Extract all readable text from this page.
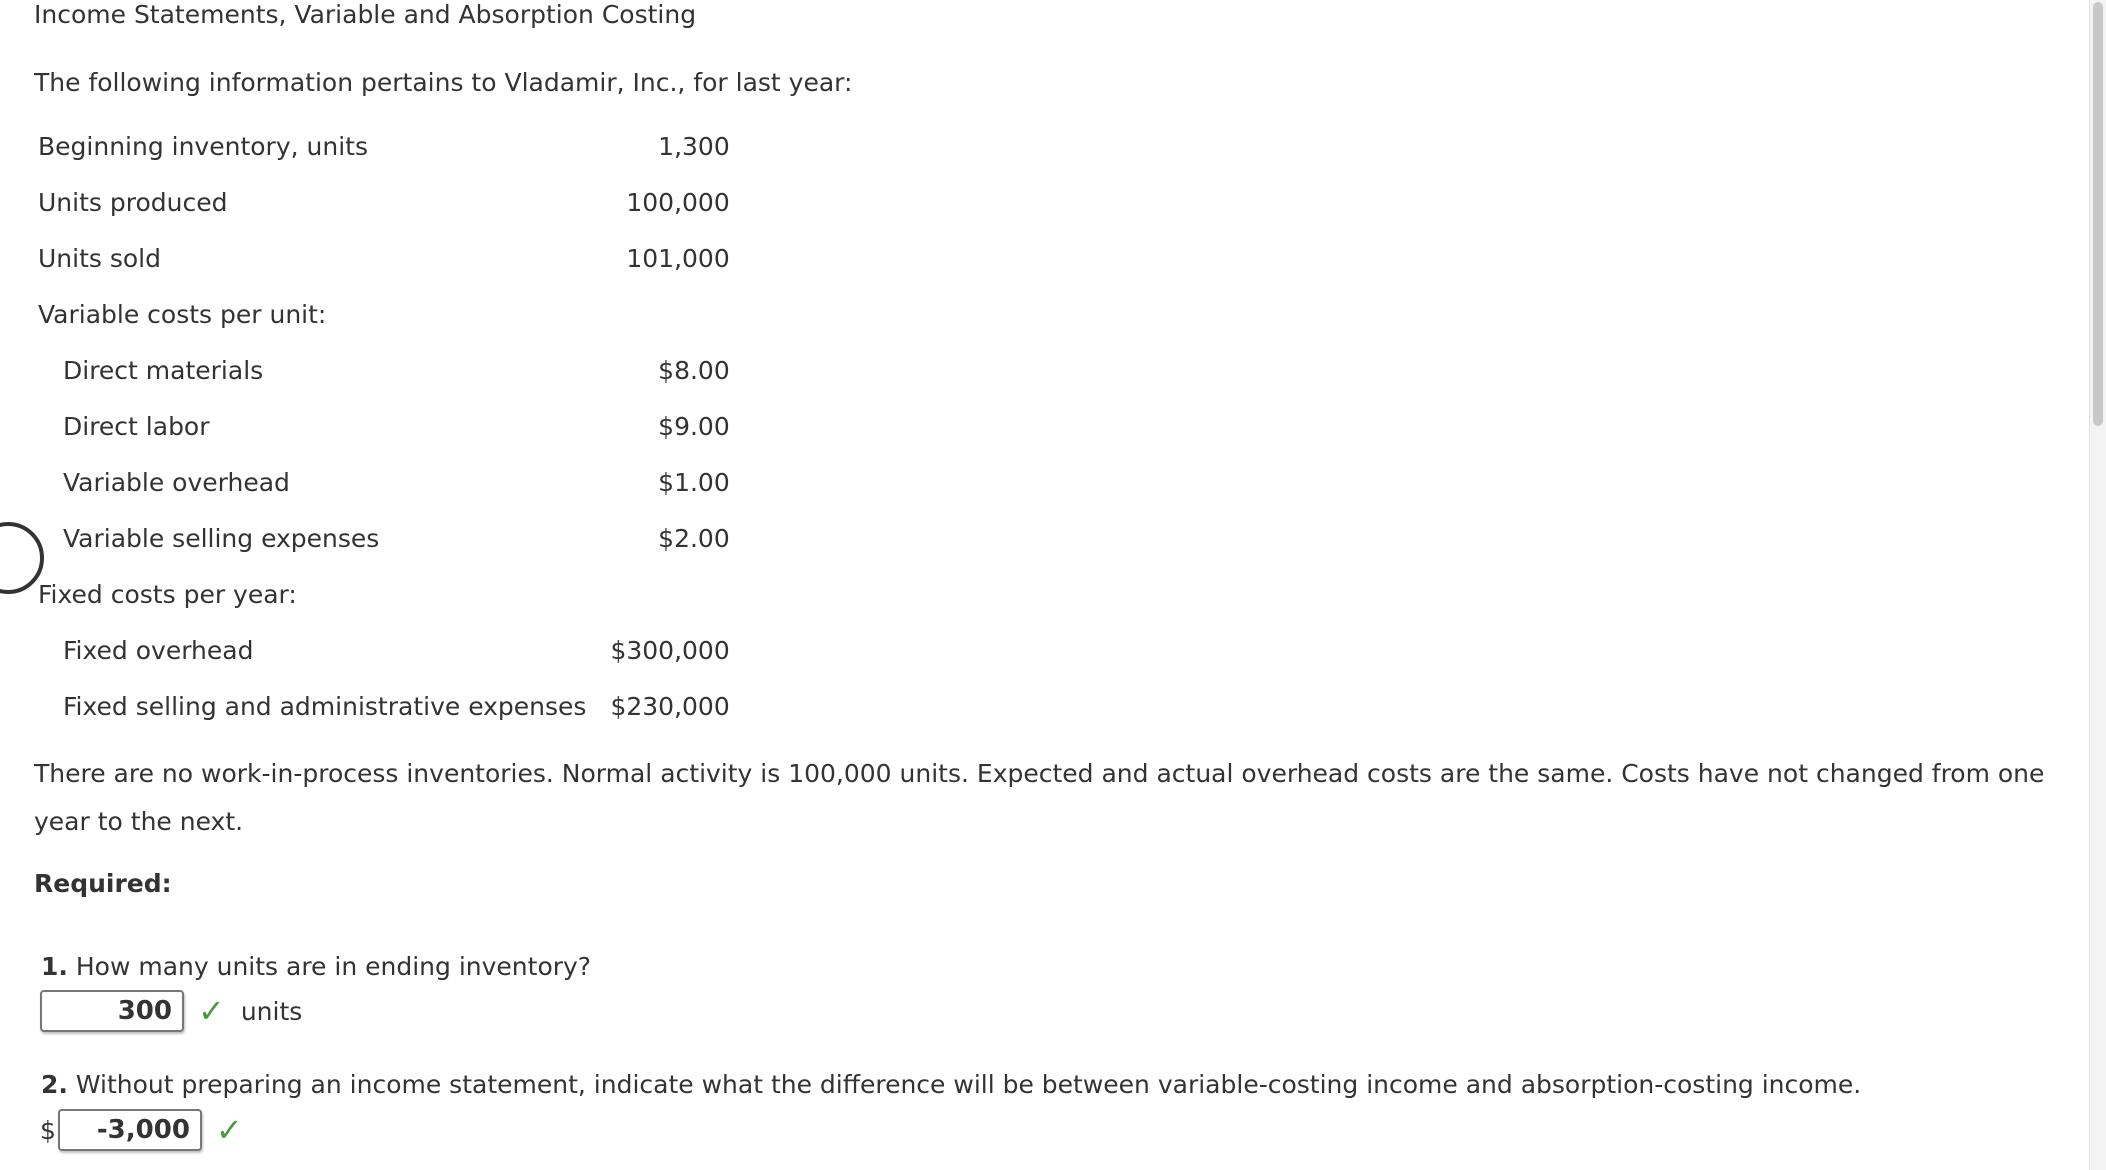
Income Statements, Variable and Absorption Costing
The following information pertains to Vladamir, Inc., for last year:
Beginning inventory, units	1,300
Units produced	100,000
Units sold	101,000
Variable costs per unit:	
Direct materials	$8.00
Direct labor	$9.00
Variable overhead	$1.00
Variable selling expenses	$2.00
Fixed costs per year:	
Fixed overhead	$300,000
Fixed selling and administrative expenses	$230,000
There are no work-in-process inventories. Normal activity is 100,000 units. Expected and actual overhead costs are the same. Costs have not changed from one year to the next.
Required:
1. How many units are in ending inventory?
300 ✓ units
2. Without preparing an income statement, indicate what the difference will be between variable-costing income and absorption-costing income.
$	-3,000 ✓
